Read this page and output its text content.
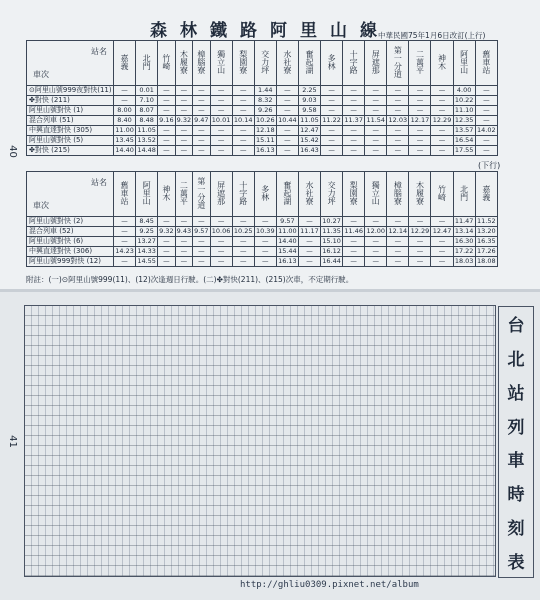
40
41
森林鐵路阿里山線
中華民國75年1月6日改訂(上行)
站名
車次	嘉義	北門	竹崎	木履寮	樟腦寮	獨立山	梨園寮	交力坪	水社寮	奮起湖	多林	十字路	屏遮那	第一分道	二萬平	神木	阿里山	舊車站
⊙阿里山號999夜對快(11)	—	0.01	—	—	—	—	—	1.44	—	2.25	—	—	—	—	—	—	4.00	—
✤對快 (211)	—	7.10	—	—	—	—	—	8.32	—	9.03	—	—	—	—	—	—	10.22	—
阿里山號對快 (1)	8.00	8.07	—	—	—	—	—	9.26	—	9.58	—	—	—	—	—	—	11.10	—
混合列車 (51)	8.40	8.48	9.16	9.32	9.47	10.01	10.14	10.26	10.44	11.05	11.22	11.37	11.54	12.03	12.17	12.29	12.35	—
中興直達對快 (305)	11.00	11.05	—	—	—	—	—	12.18	—	12.47	—	—	—	—	—	—	13.57	14.02
阿里山號對快 (5)	13.45	13.52	—	—	—	—	—	15.11	—	15.42	—	—	—	—	—	—	16.54	—
✤對快 (215)	14.40	14.48	—	—	—	—	—	16.13	—	16.43	—	—	—	—	—	—	17.55	—
(下行)
站名
車次	舊車站	阿里山	神木	二萬平	第一分道	屏遮那	十字路	多林	奮起湖	水社寮	交力坪	梨園寮	獨立山	樟腦寮	木履寮	竹崎	北門	嘉義
阿里山號對快 (2)	—	8.45	—	—	—	—	—	—	9.57	—	10.27	—	—	—	—	—	11.47	11.52
混合列車 (52)	—	9.25	9.32	9.43	9.57	10.06	10.25	10.39	11.00	11.17	11.35	11.46	12.00	12.14	12.29	12.47	13.14	13.20
阿里山號對快 (6)	—	13.27	—	—	—	—	—	—	14.40	—	15.10	—	—	—	—	—	16.30	16.35
中興直達對快 (306)	14.23	14.33	—	—	—	—	—	—	15.44	—	16.12	—	—	—	—	—	17.22	17.26
阿里山號999對快 (12)	—	14.55	—	—	—	—	—	—	16.13	—	16.44	—	—	—	—	—	18.03	18.08
附註：(一)⊙阿里山號999(11)、(12)次逢週日行駛。(二)✤對快(211)、(215)次車，不定期行駛。
台
北
站
列
車
時
刻
表
http://ghliu0309.pixnet.net/album
